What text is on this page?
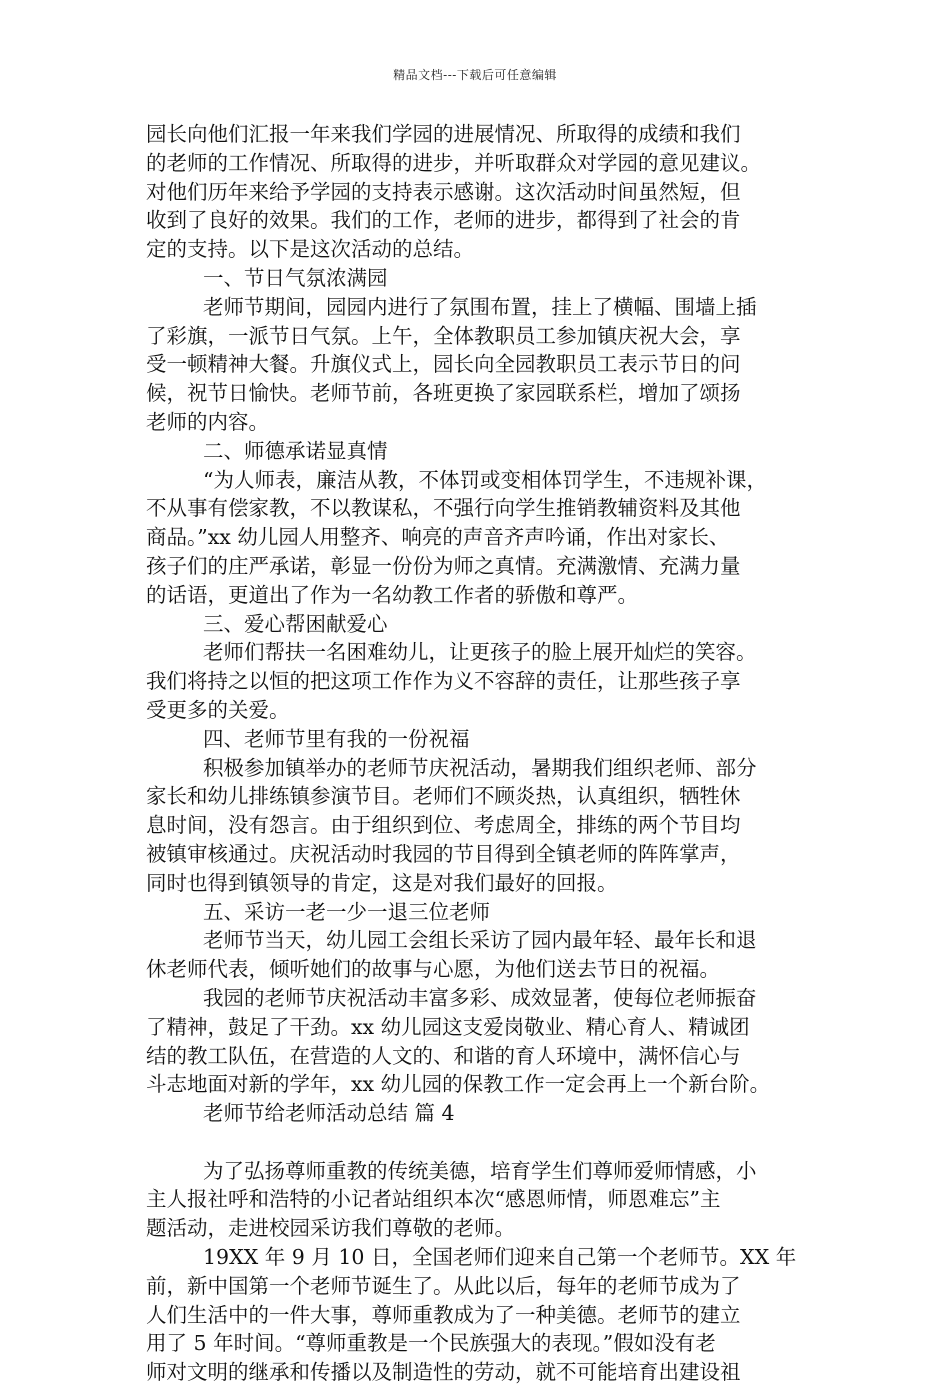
精品文档---下载后可任意编辑
园长向他们汇报一年来我们学园的进展情况、所取得的成绩和我们
的老师的工作情况、所取得的进步，并听取群众对学园的意见建议。
对他们历年来给予学园的支持表示感谢。这次活动时间虽然短，但
收到了良好的效果。我们的工作，老师的进步，都得到了社会的肯
定的支持。以下是这次活动的总结。
一、节日气氛浓满园
老师节期间，园园内进行了氛围布置，挂上了横幅、围墙上插
了彩旗，一派节日气氛。上午，全体教职员工参加镇庆祝大会，享
受一顿精神大餐。升旗仪式上，园长向全园教职员工表示节日的问
候，祝节日愉快。老师节前，各班更换了家园联系栏，增加了颂扬
老师的内容。
二、师德承诺显真情
“为人师表，廉洁从教，不体罚或变相体罚学生，不违规补课，
不从事有偿家教，不以教谋私，不强行向学生推销教辅资料及其他
商品。”xx 幼儿园人用整齐、响亮的声音齐声吟诵，作出对家长、
孩子们的庄严承诺，彰显一份份为师之真情。充满激情、充满力量
的话语，更道出了作为一名幼教工作者的骄傲和尊严。
三、爱心帮困献爱心
老师们帮扶一名困难幼儿，让更孩子的脸上展开灿烂的笑容。
我们将持之以恒的把这项工作作为义不容辞的责任，让那些孩子享
受更多的关爱。
四、老师节里有我的一份祝福
积极参加镇举办的老师节庆祝活动，暑期我们组织老师、部分
家长和幼儿排练镇参演节目。老师们不顾炎热，认真组织，牺牲休
息时间，没有怨言。由于组织到位、考虑周全，排练的两个节目均
被镇审核通过。庆祝活动时我园的节目得到全镇老师的阵阵掌声，
同时也得到镇领导的肯定，这是对我们最好的回报。
五、采访一老一少一退三位老师
老师节当天，幼儿园工会组长采访了园内最年轻、最年长和退
休老师代表，倾听她们的故事与心愿，为他们送去节日的祝福。
我园的老师节庆祝活动丰富多彩、成效显著，使每位老师振奋
了精神，鼓足了干劲。xx 幼儿园这支爱岗敬业、精心育人、精诚团
结的教工队伍，在营造的人文的、和谐的育人环境中，满怀信心与
斗志地面对新的学年，xx 幼儿园的保教工作一定会再上一个新台阶。
老师节给老师活动总结 篇 4
为了弘扬尊师重教的传统美德，培育学生们尊师爱师情感，小
主人报社呼和浩特的小记者站组织本次“感恩师情，师恩难忘”主
题活动，走进校园采访我们尊敬的老师。
19XX 年 9 月 10 日，全国老师们迎来自己第一个老师节。XX 年
前，新中国第一个老师节诞生了。从此以后，每年的老师节成为了
人们生活中的一件大事，尊师重教成为了一种美德。老师节的建立
用了 5 年时间。“尊师重教是一个民族强大的表现。”假如没有老
师对文明的继承和传播以及制造性的劳动，就不可能培育出建设祖
